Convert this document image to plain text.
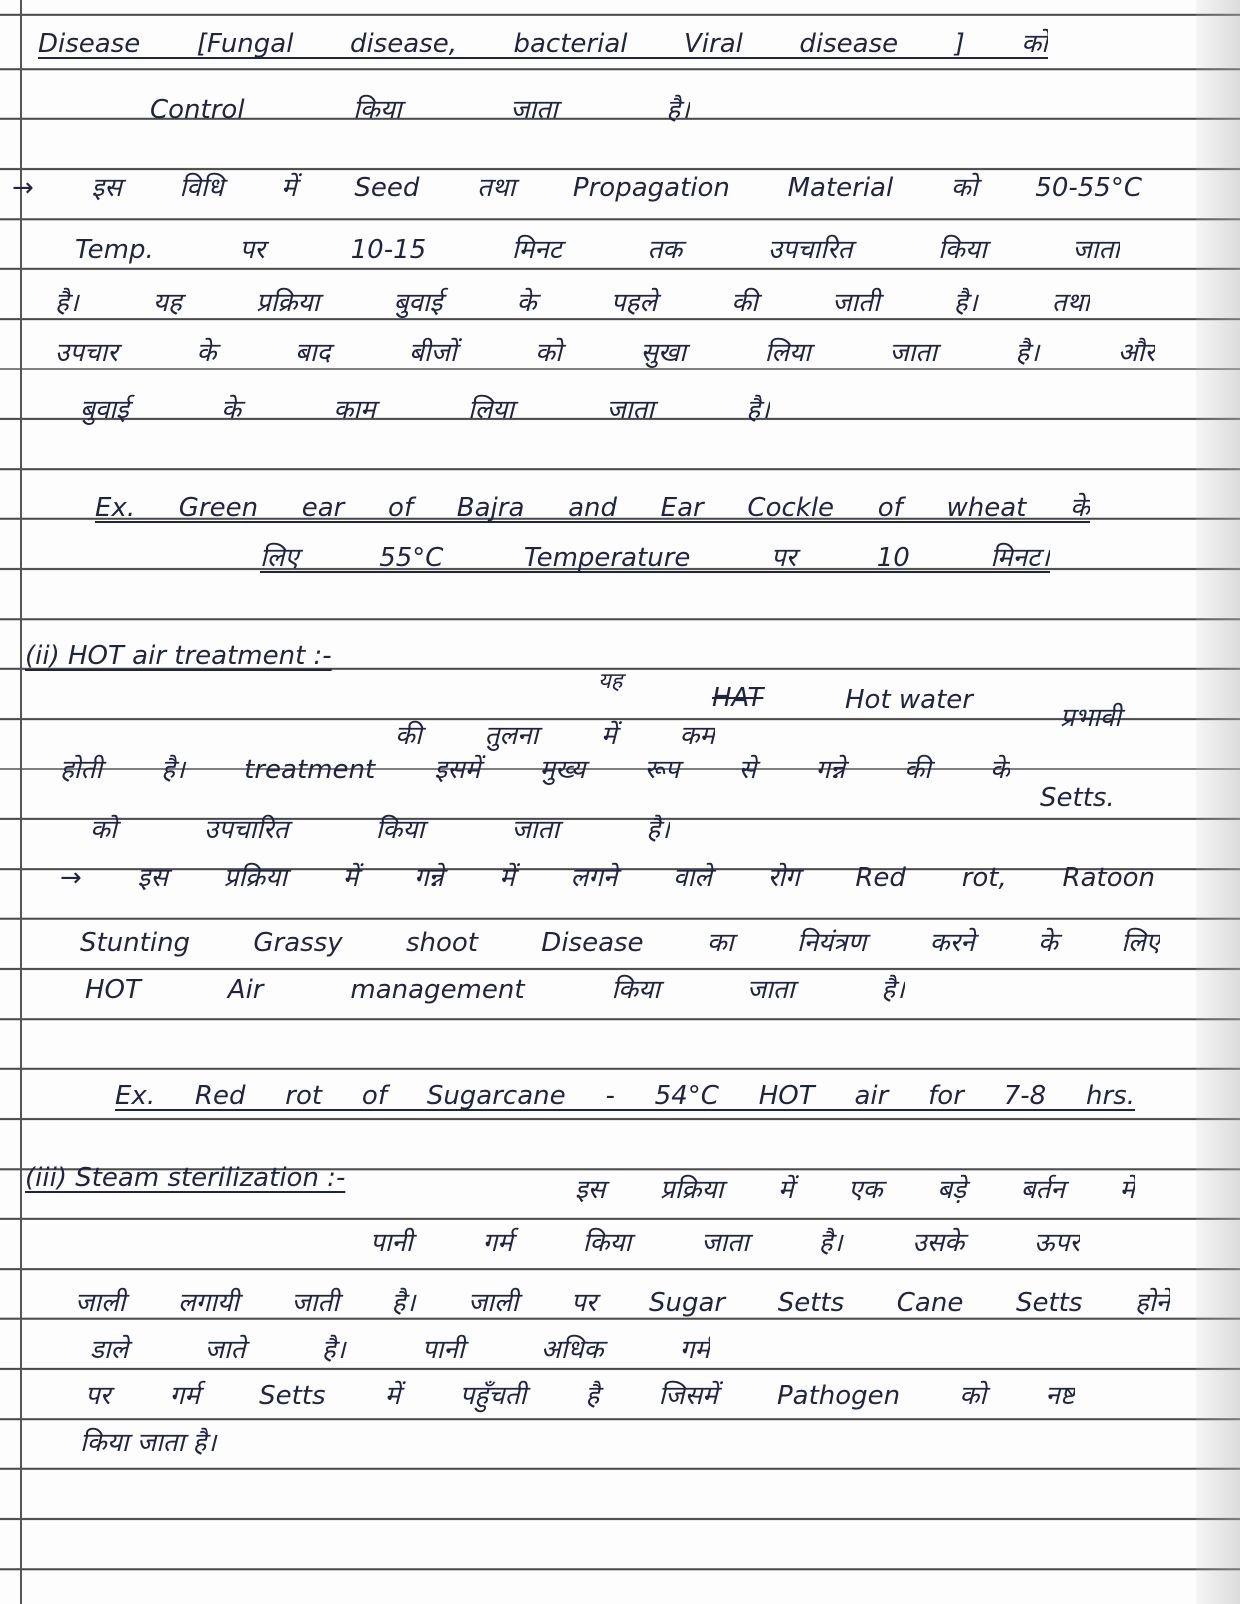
Disease [Fungal disease, bacterial Viral disease ] को
Control किया जाता है।
→ इस विधि में Seed तथा Propagation Material को 50-55°C
Temp. पर 10-15 मिनट तक उपचारित किया जाता
है। यह प्रक्रिया बुवाई के पहले की जाती है। तथा
उपचार के बाद बीजों को सुखा लिया जाता है। और
बुवाई के काम लिया जाता है।
Ex. Green ear of Bajra and Ear Cockle of wheat के
लिए 55°C Temperature पर 10 मिनट।
(ii) HOT air treatment :-
यह
HAT	Hot water
प्रभावी
की तुलना में कम
होती है। treatment इसमें मुख्य रूप से गन्ने की के
Setts.
को उपचारित किया जाता है।
→ इस प्रक्रिया में गन्ने में लगने वाले रोग Red rot, Ratoon
Stunting Grassy shoot Disease का नियंत्रण करने के लिए
HOT Air management किया जाता है।
Ex. Red rot of Sugarcane - 54°C HOT air for 7-8 hrs.
(iii) Steam sterilization :-	इस प्रक्रिया में एक बड़े बर्तन में
पानी गर्म किया जाता है। उसके ऊपर
जाली लगायी जाती है। जाली पर Sugar Setts Cane Setts होने
डाले जाते है। पानी अधिक गर्म
पर गर्म Setts में पहुँचती है जिसमें Pathogen को नष्ट
किया जाता है।
